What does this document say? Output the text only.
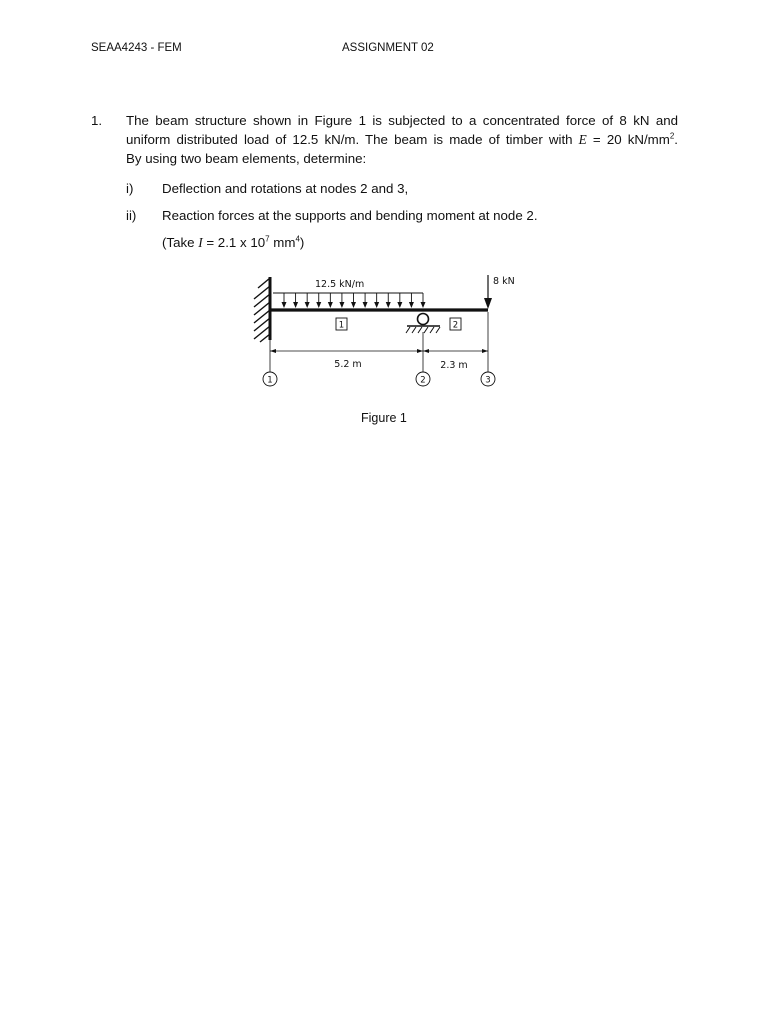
SEAA4243 - FEM	ASSIGNMENT 02
1. The beam structure shown in Figure 1 is subjected to a concentrated force of 8 kN and
uniform distributed load of 12.5 kN/m. The beam is made of timber with E = 20 $kN/mm^2$.
By using two beam elements, determine:
i) Deflection and rotations at nodes 2 and 3,
ii) Reaction forces at the supports and bending moment at node 2.
(Take I = 2.1 x $10^7$ $mm^4$)
12.5 kN/m	8 kN
1	2
5.2 m	2.3 m
1	2	3
Figure 1
